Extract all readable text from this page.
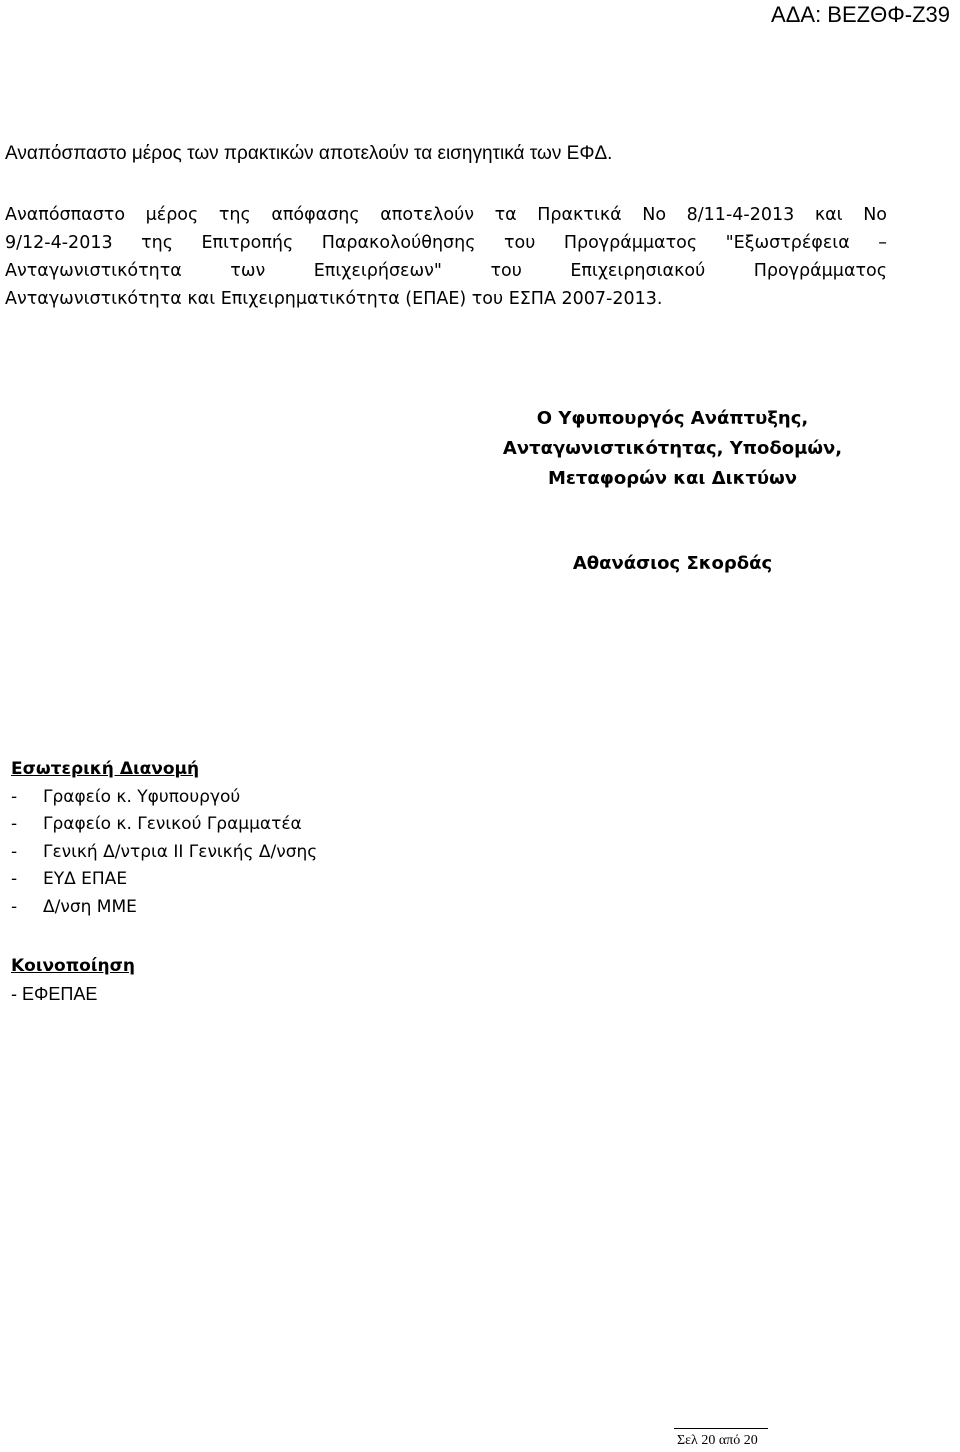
ΑΔΑ: ΒΕΖΘΦ-Ζ39
Αναπόσπαστο μέρος των πρακτικών αποτελούν τα εισηγητικά των ΕΦΔ.
Αναπόσπαστο μέρος της απόφασης αποτελούν τα Πρακτικά Νο 8/11-4-2013 και Νο
9/12-4-2013 της Επιτροπής Παρακολούθησης του Προγράμματος "Εξωστρέφεια –
Ανταγωνιστικότητα των Επιχειρήσεων" του Επιχειρησιακού Προγράμματος
Ανταγωνιστικότητα και Επιχειρηματικότητα (ΕΠΑΕ) του ΕΣΠΑ 2007-2013.
Ο Υφυπουργός Ανάπτυξης,
Ανταγωνιστικότητας, Υποδομών,
Μεταφορών και Δικτύων
Αθανάσιος Σκορδάς
Εσωτερική Διανομή
-	Γραφείο κ. Υφυπουργού
-	Γραφείο κ. Γενικού Γραμματέα
-	Γενική Δ/ντρια ΙΙ Γενικής Δ/νσης
-	ΕΥΔ ΕΠΑΕ
-	Δ/νση ΜΜΕ
Κοινοποίηση
- ΕΦΕΠΑΕ
Σελ 20 από 20
